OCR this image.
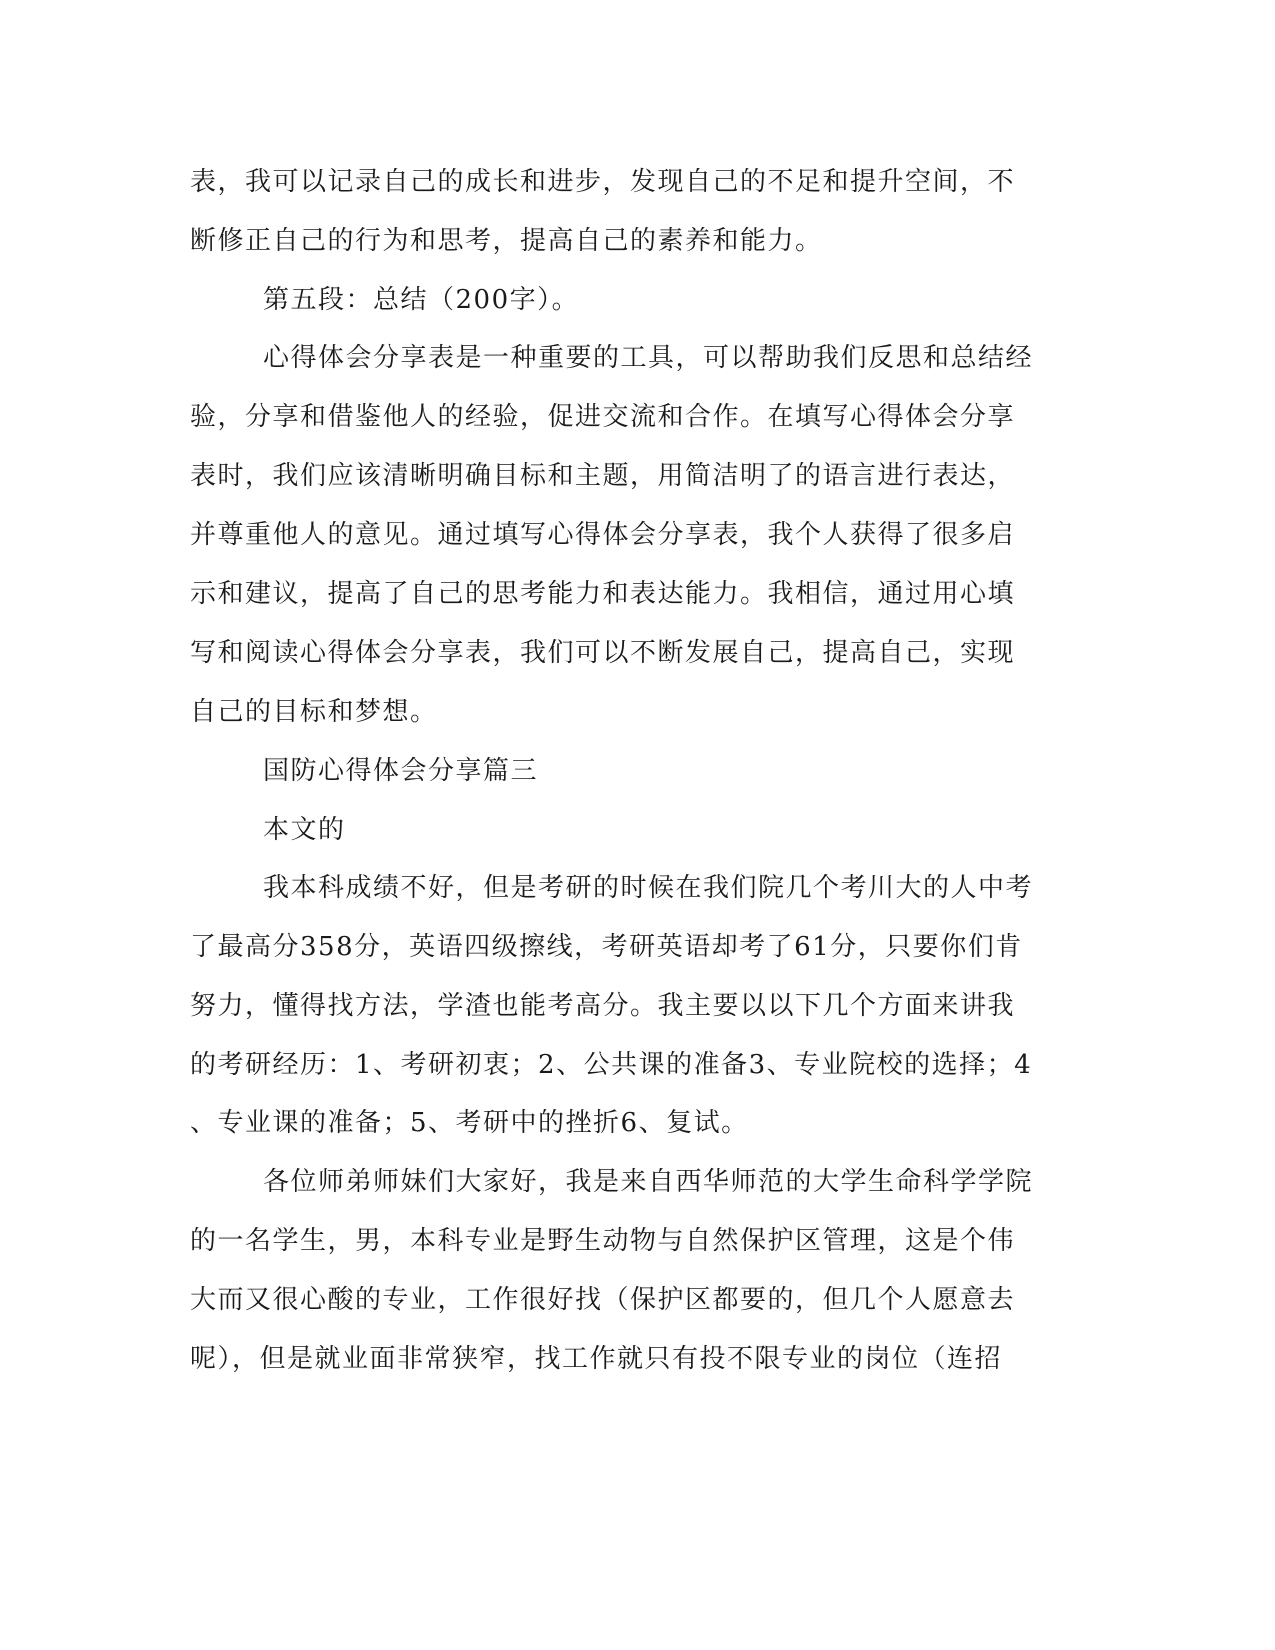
表，我可以记录自己的成长和进步，发现自己的不足和提升空间，不
断修正自己的行为和思考，提高自己的素养和能力。
第五段：总结（200字）。
心得体会分享表是一种重要的工具，可以帮助我们反思和总结经
验，分享和借鉴他人的经验，促进交流和合作。在填写心得体会分享
表时，我们应该清晰明确目标和主题，用简洁明了的语言进行表达，
并尊重他人的意见。通过填写心得体会分享表，我个人获得了很多启
示和建议，提高了自己的思考能力和表达能力。我相信，通过用心填
写和阅读心得体会分享表，我们可以不断发展自己，提高自己，实现
自己的目标和梦想。
国防心得体会分享篇三
本文的
我本科成绩不好，但是考研的时候在我们院几个考川大的人中考
了最高分358分，英语四级擦线，考研英语却考了61分，只要你们肯
努力，懂得找方法，学渣也能考高分。我主要以以下几个方面来讲我
的考研经历：1、考研初衷；2、公共课的准备3、专业院校的选择；4
、专业课的准备；5、考研中的挫折6、复试。
各位师弟师妹们大家好，我是来自西华师范的大学生命科学学院
的一名学生，男，本科专业是野生动物与自然保护区管理，这是个伟
大而又很心酸的专业，工作很好找（保护区都要的，但几个人愿意去
呢），但是就业面非常狭窄，找工作就只有投不限专业的岗位（连招
